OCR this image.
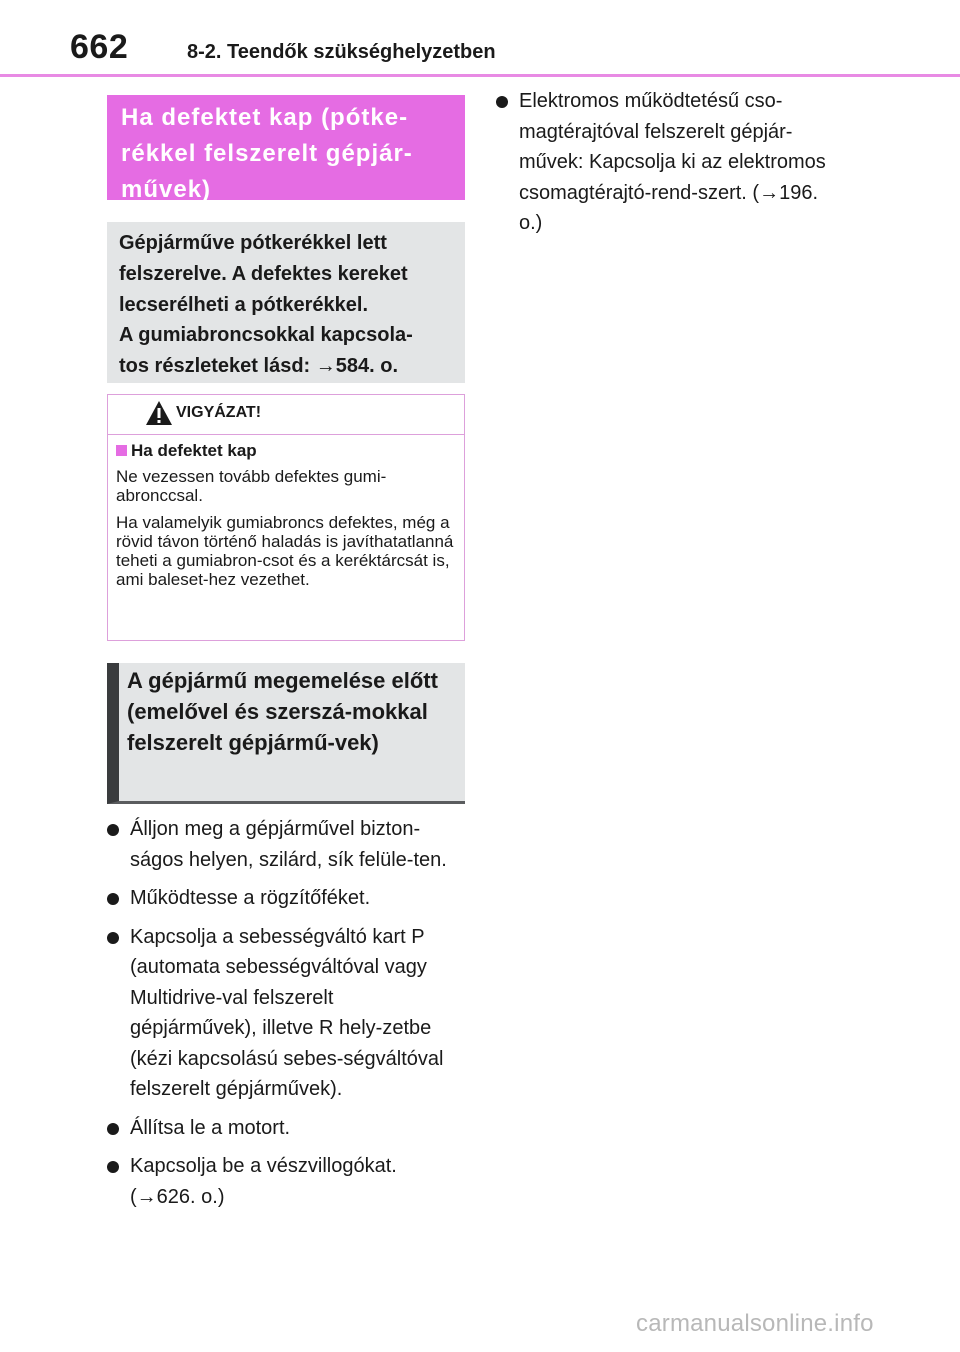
662	8-2. Teendők szükséghelyzetben
Ha defektet kap (pótke-rékkel felszerelt gépjár-művek)
Gépjárműve pótkerékkel lett
felszerelve. A defektes kereket
lecserélheti a pótkerékkel.
A gumiabroncsokkal kapcsola-
tos részleteket lásd: →584. o.
VIGYÁZAT!
Ha defektet kap

Ne vezessen tovább defektes gumi-abronccsal.

Ha valamelyik gumiabroncs defektes, még a rövid távon történő haladás is javíthatatlanná teheti a gumiabron-csot és a keréktárcsát is, ami baleset-hez vezethet.

A gépjármű megemelése előtt (emelővel és szerszá-mokkal felszerelt gépjármű-vek)
Álljon meg a gépjárművel bizton-ságos helyen, szilárd, sík felüle-ten.
Működtesse a rögzítőféket.
Kapcsolja a sebességváltó kart P (automata sebességváltóval vagy Multidrive-val felszerelt gépjárművek), illetve R hely-zetbe (kézi kapcsolású sebes-ségváltóval felszerelt gépjárművek).
Állítsa le a motort.
Kapcsolja be a vészvillogókat. (→626. o.)
Elektromos működtetésű cso-magtérajtóval felszerelt gépjár-művek: Kapcsolja ki az elektromos csomagtérajtó-rend-szert. (→196. o.)
carmanualsonline.info
